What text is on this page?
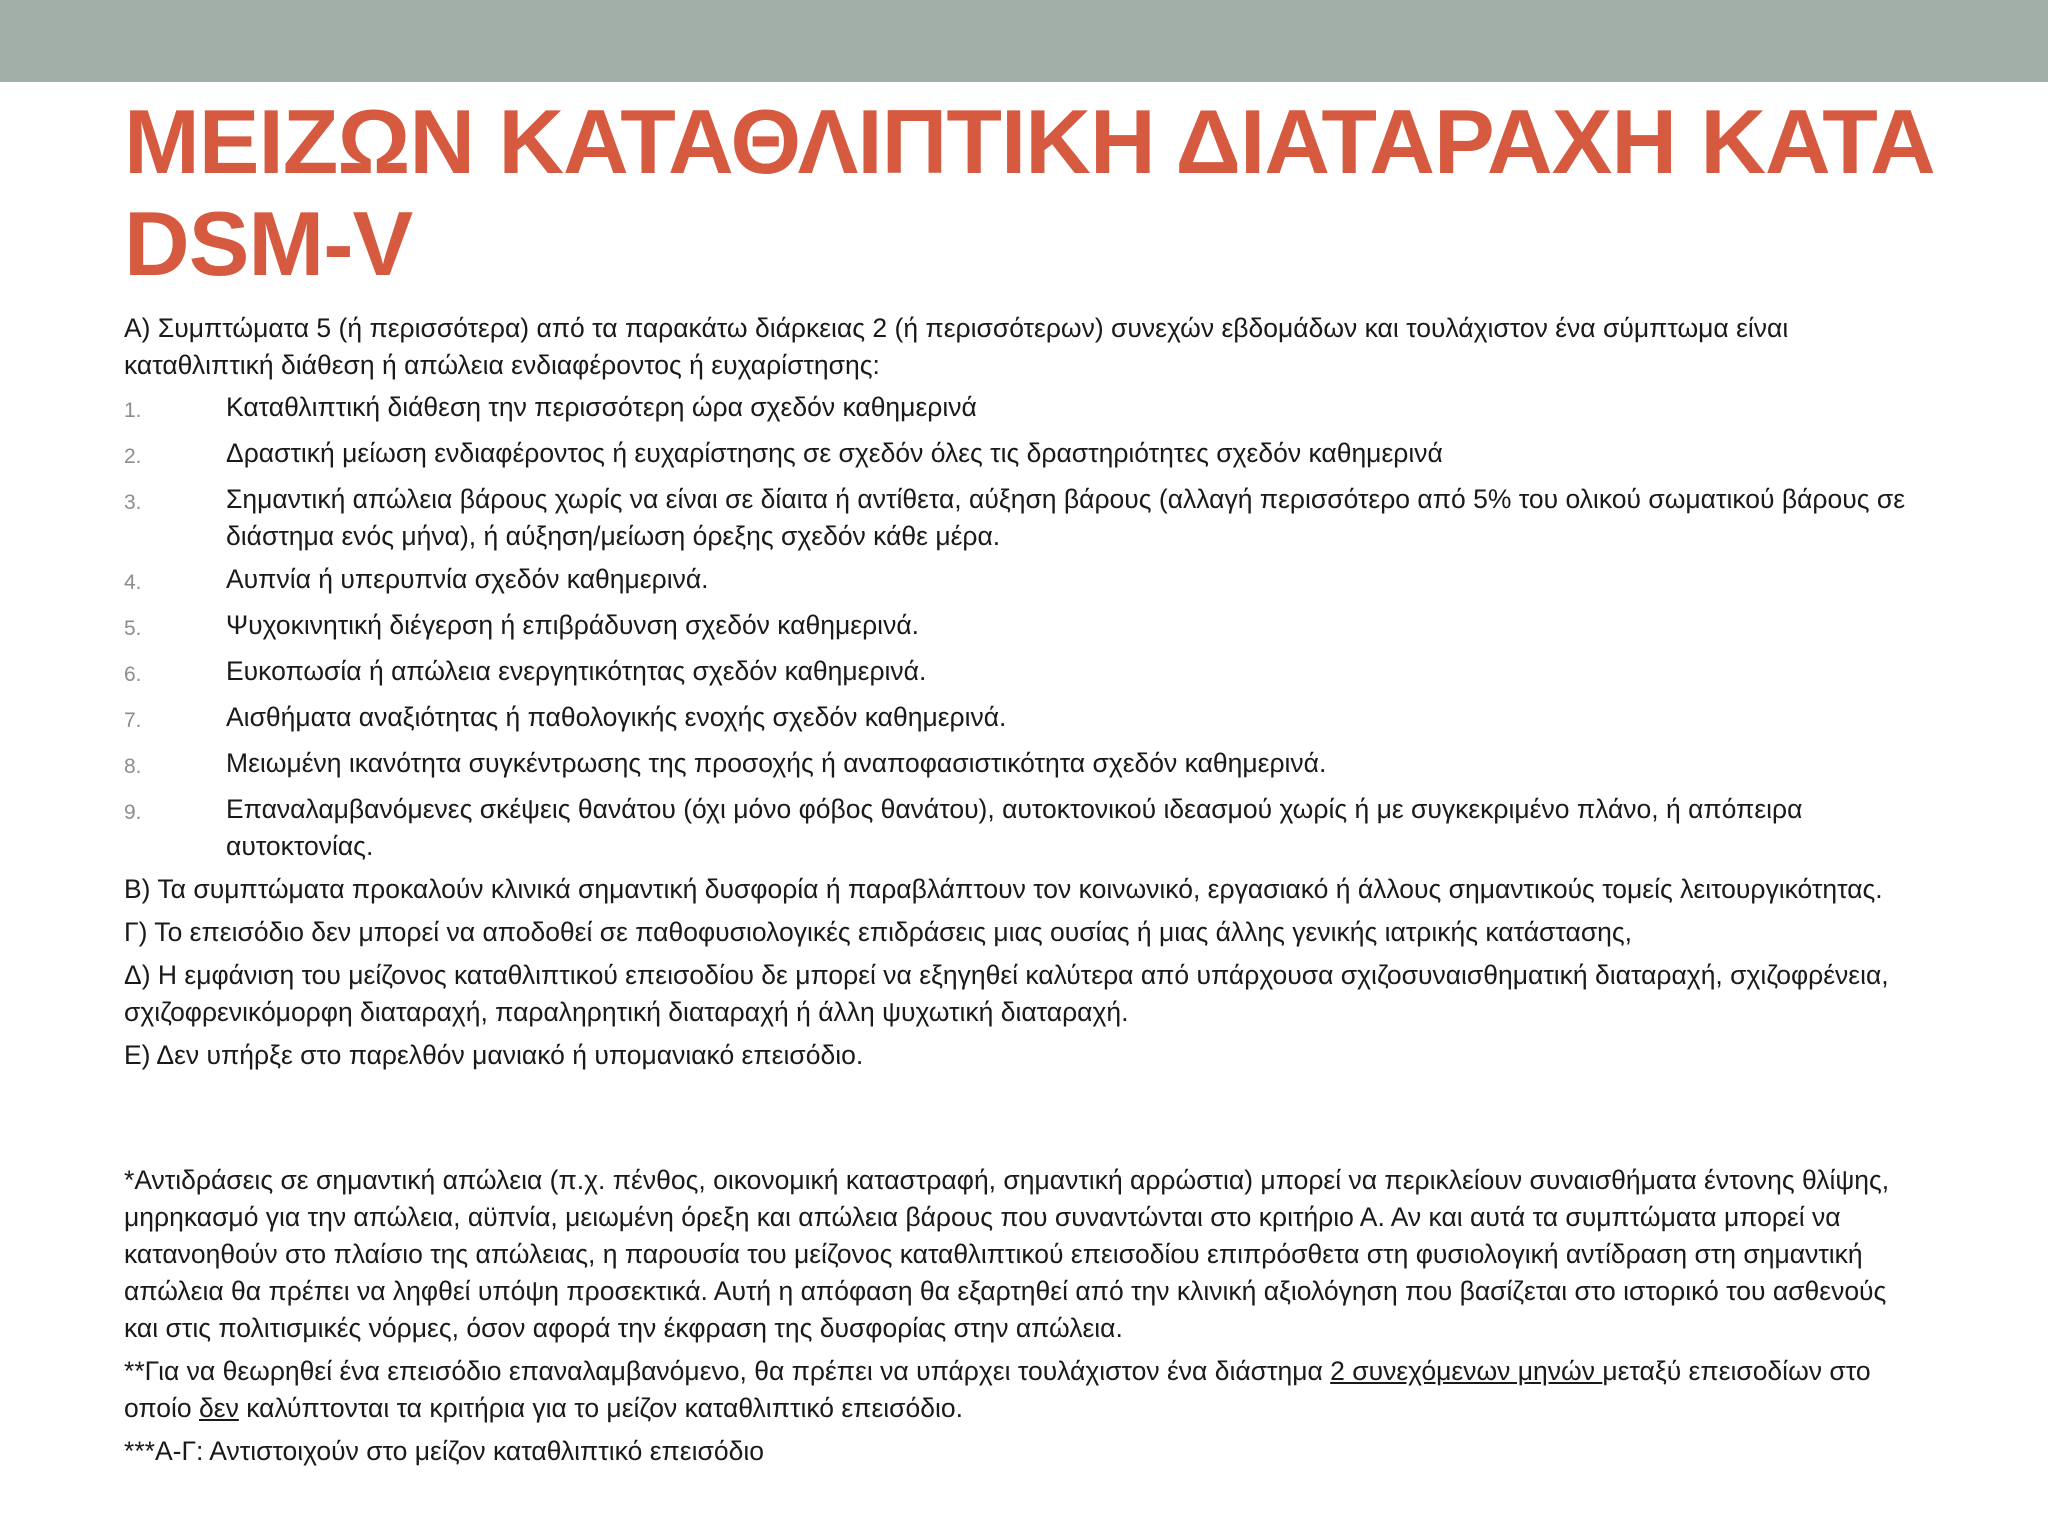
ΜΕΙΖΩΝ ΚΑΤΑΘΛΙΠΤΙΚΗ ΔΙΑΤΑΡΑΧΗ ΚΑΤΑ DSM-V

Α) Συμπτώματα 5 (ή περισσότερα) από τα παρακάτω διάρκειας 2 (ή περισσότερων) συνεχών εβδομάδων και τουλάχιστον ένα σύμπτωμα είναι καταθλιπτική διάθεση ή απώλεια ενδιαφέροντος ή ευχαρίστησης:

1.	Καταθλιπτική διάθεση την περισσότερη ώρα σχεδόν καθημερινά
2.	Δραστική μείωση ενδιαφέροντος ή ευχαρίστησης σε σχεδόν όλες τις δραστηριότητες σχεδόν καθημερινά
3.	Σημαντική απώλεια βάρους χωρίς να είναι σε δίαιτα ή αντίθετα, αύξηση βάρους (αλλαγή περισσότερο από 5% του ολικού σωματικού βάρους σε διάστημα ενός μήνα), ή αύξηση/μείωση όρεξης σχεδόν κάθε μέρα.
4.	Αυπνία ή υπερυπνία σχεδόν καθημερινά.
5.	Ψυχοκινητική διέγερση ή επιβράδυνση σχεδόν καθημερινά.
6.	Ευκοπωσία ή απώλεια ενεργητικότητας σχεδόν καθημερινά.
7.	Αισθήματα αναξιότητας ή παθολογικής ενοχής σχεδόν καθημερινά.
8.	Μειωμένη ικανότητα συγκέντρωσης της προσοχής ή αναποφασιστικότητα σχεδόν καθημερινά.
9.	Επαναλαμβανόμενες σκέψεις θανάτου (όχι μόνο φόβος θανάτου), αυτοκτονικού ιδεασμού χωρίς ή με συγκεκριμένο πλάνο, ή απόπειρα αυτοκτονίας.

Β) Τα συμπτώματα προκαλούν κλινικά σημαντική δυσφορία ή παραβλάπτουν τον κοινωνικό, εργασιακό ή άλλους σημαντικούς τομείς λειτουργικότητας.

Γ) Το επεισόδιο δεν μπορεί να αποδοθεί σε παθοφυσιολογικές επιδράσεις μιας ουσίας ή μιας άλλης γενικής ιατρικής κατάστασης,

Δ) Η εμφάνιση του μείζονος καταθλιπτικού επεισοδίου δε μπορεί να εξηγηθεί καλύτερα από υπάρχουσα σχιζοσυναισθηματική διαταραχή, σχιζοφρένεια, σχιζοφρενικόμορφη διαταραχή, παραληρητική διαταραχή ή άλλη ψυχωτική διαταραχή.

Ε) Δεν υπήρξε στο παρελθόν μανιακό ή υπομανιακό επεισόδιο.

*Αντιδράσεις σε σημαντική απώλεια (π.χ. πένθος, οικονομική καταστραφή, σημαντική αρρώστια) μπορεί να περικλείουν συναισθήματα έντονης θλίψης, μηρηκασμό για την απώλεια, αϋπνία, μειωμένη όρεξη και απώλεια βάρους που συναντώνται στο κριτήριο Α. Αν και αυτά τα συμπτώματα μπορεί να κατανοηθούν στο πλαίσιο της απώλειας, η παρουσία του μείζονος καταθλιπτικού επεισοδίου επιπρόσθετα στη φυσιολογική αντίδραση στη σημαντική απώλεια θα πρέπει να ληφθεί υπόψη προσεκτικά. Αυτή η απόφαση θα εξαρτηθεί από την κλινική αξιολόγηση που βασίζεται στο ιστορικό του ασθενούς και στις πολιτισμικές νόρμες, όσον αφορά την έκφραση της δυσφορίας στην απώλεια.

**Για να θεωρηθεί ένα επεισόδιο επαναλαμβανόμενο, θα πρέπει να υπάρχει τουλάχιστον ένα διάστημα 2 συνεχόμενων μηνών μεταξύ επεισοδίων στο οποίο δεν καλύπτονται τα κριτήρια για το μείζον καταθλιπτικό επεισόδιο.

***Α-Γ: Αντιστοιχούν στο μείζον καταθλιπτικό επεισόδιο
